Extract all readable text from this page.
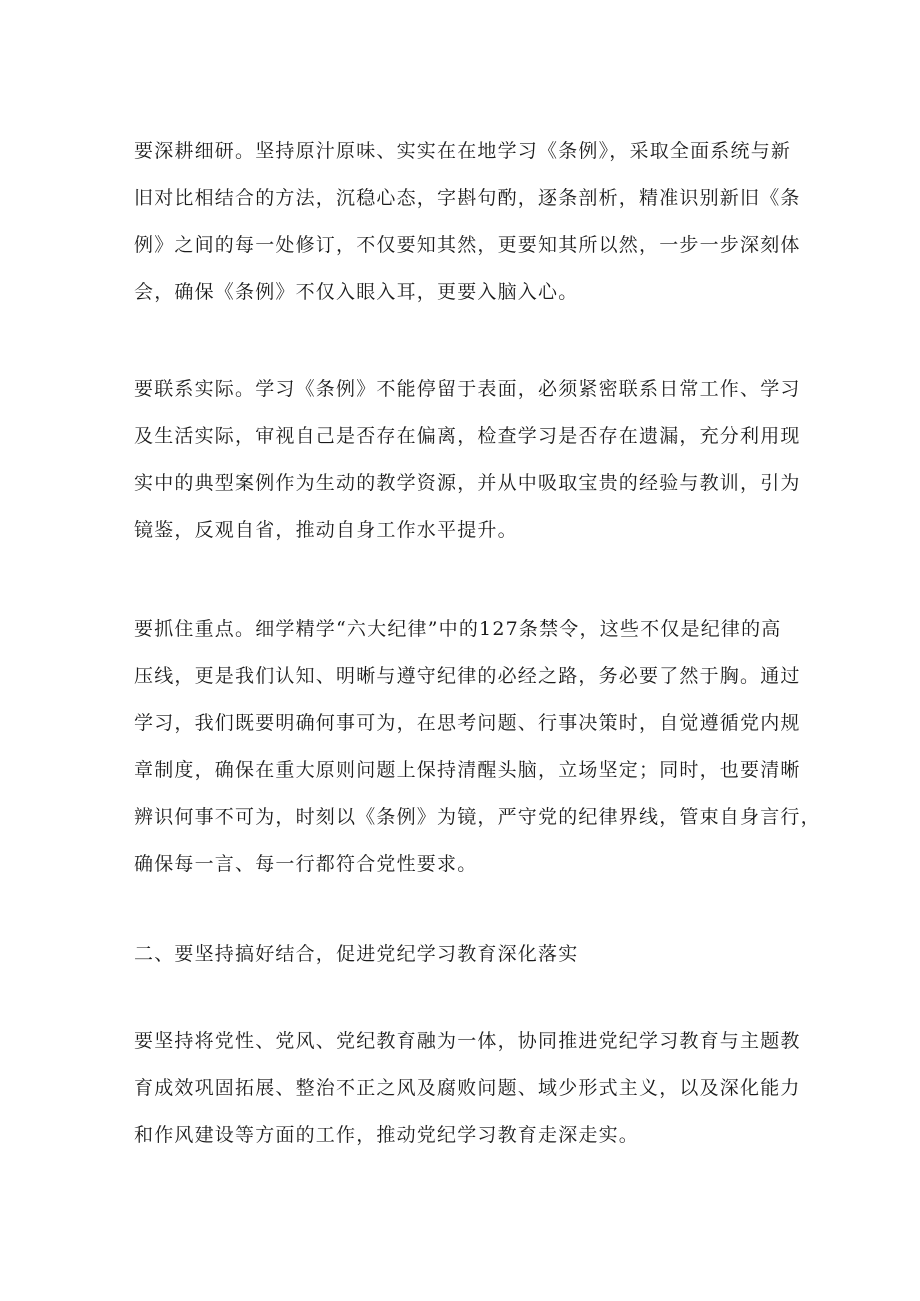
要深耕细研。坚持原汁原味、实实在在地学习《条例》，采取全面系统与新
旧对比相结合的方法，沉稳心态，字斟句酌，逐条剖析，精准识别新旧《条
例》之间的每一处修订，不仅要知其然，更要知其所以然，一步一步深刻体
会，确保《条例》不仅入眼入耳，更要入脑入心。
要联系实际。学习《条例》不能停留于表面，必须紧密联系日常工作、学习
及生活实际，审视自己是否存在偏离，检查学习是否存在遗漏，充分利用现
实中的典型案例作为生动的教学资源，并从中吸取宝贵的经验与教训，引为
镜鉴，反观自省，推动自身工作水平提升。
要抓住重点。细学精学“六大纪律”中的127条禁令，这些不仅是纪律的高
压线，更是我们认知、明晰与遵守纪律的必经之路，务必要了然于胸。通过
学习，我们既要明确何事可为，在思考问题、行事决策时，自觉遵循党内规
章制度，确保在重大原则问题上保持清醒头脑，立场坚定；同时，也要清晰
辨识何事不可为，时刻以《条例》为镜，严守党的纪律界线，管束自身言行，
确保每一言、每一行都符合党性要求。
二、要坚持搞好结合，促进党纪学习教育深化落实
要坚持将党性、党风、党纪教育融为一体，协同推进党纪学习教育与主题教
育成效巩固拓展、整治不正之风及腐败问题、域少形式主义，以及深化能力
和作风建设等方面的工作，推动党纪学习教育走深走实。
